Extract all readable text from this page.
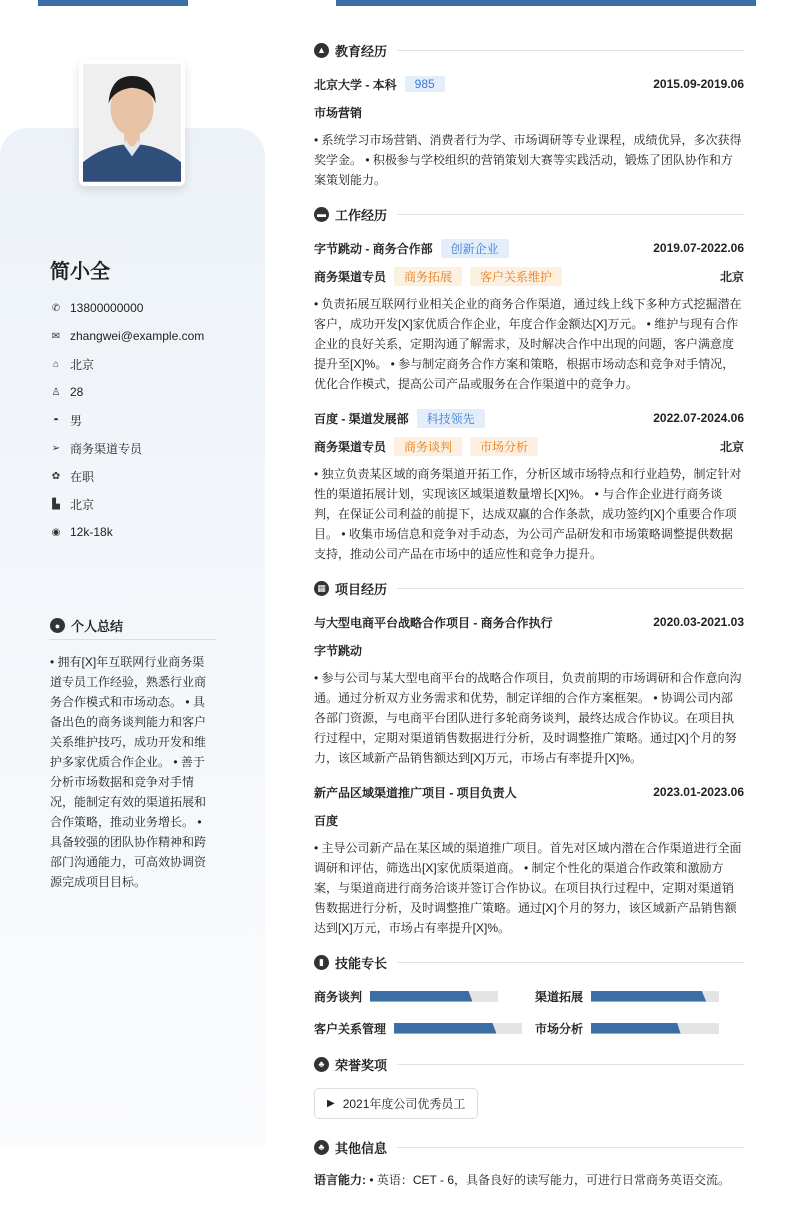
简小全
✆ 13800000000
✉ zhangwei@example.com
⌂ 北京
♙ 28
◓ 男
➢ 商务渠道专员
✿ 在职
▙ 北京
◉ 12k-18k
● 个人总结
• 拥有[X]年互联网行业商务渠道专员工作经验，熟悉行业商务合作模式和市场动态。 • 具备出色的商务谈判能力和客户关系维护技巧，成功开发和维护多家优质合作企业。 • 善于分析市场数据和竞争对手情况，能制定有效的渠道拓展和合作策略，推动业务增长。 • 具备较强的团队协作精神和跨部门沟通能力，可高效协调资源完成项目目标。
▲ 教育经历
北京大学 - 本科	985	2015.09-2019.06
市场营销
• 系统学习市场营销、消费者行为学、市场调研等专业课程，成绩优异，多次获得奖学金。 • 积极参与学校组织的营销策划大赛等实践活动，锻炼了团队协作和方案策划能力。
▬ 工作经历
字节跳动 - 商务合作部	创新企业	2019.07-2022.06
商务渠道专员	商务拓展	客户关系维护	北京
• 负责拓展互联网行业相关企业的商务合作渠道，通过线上线下多种方式挖掘潜在客户，成功开发[X]家优质合作企业，年度合作金额达[X]万元。 • 维护与现有合作企业的良好关系，定期沟通了解需求，及时解决合作中出现的问题，客户满意度提升至[X]%。 • 参与制定商务合作方案和策略，根据市场动态和竞争对手情况，优化合作模式，提高公司产品或服务在合作渠道中的竞争力。
百度 - 渠道发展部	科技领先	2022.07-2024.06
商务渠道专员	商务谈判	市场分析	北京
• 独立负责某区域的商务渠道开拓工作，分析区域市场特点和行业趋势，制定针对性的渠道拓展计划，实现该区域渠道数量增长[X]%。 • 与合作企业进行商务谈判，在保证公司利益的前提下，达成双赢的合作条款，成功签约[X]个重要合作项目。 • 收集市场信息和竞争对手动态，为公司产品研发和市场策略调整提供数据支持，推动公司产品在市场中的适应性和竞争力提升。
▦ 项目经历
与大型电商平台战略合作项目 - 商务合作执行	2020.03-2021.03
字节跳动
• 参与公司与某大型电商平台的战略合作项目，负责前期的市场调研和合作意向沟通。通过分析双方业务需求和优势，制定详细的合作方案框架。 • 协调公司内部各部门资源，与电商平台团队进行多轮商务谈判，最终达成合作协议。在项目执行过程中，定期对渠道销售数据进行分析，及时调整推广策略。通过[X]个月的努力，该区域新产品销售额达到[X]万元，市场占有率提升[X]%。
新产品区域渠道推广项目 - 项目负责人	2023.01-2023.06
百度
• 主导公司新产品在某区域的渠道推广项目。首先对区域内潜在合作渠道进行全面调研和评估，筛选出[X]家优质渠道商。 • 制定个性化的渠道合作政策和激励方案，与渠道商进行商务洽谈并签订合作协议。在项目执行过程中，定期对渠道销售数据进行分析，及时调整推广策略。通过[X]个月的努力，该区域新产品销售额达到[X]万元，市场占有率提升[X]%。
▮ 技能专长
商务谈判	渠道拓展
客户关系管理	市场分析
♣ 荣誉奖项
▶ 2021年度公司优秀员工
♣ 其他信息
语言能力: • 英语：CET - 6，具备良好的读写能力，可进行日常商务英语交流。
